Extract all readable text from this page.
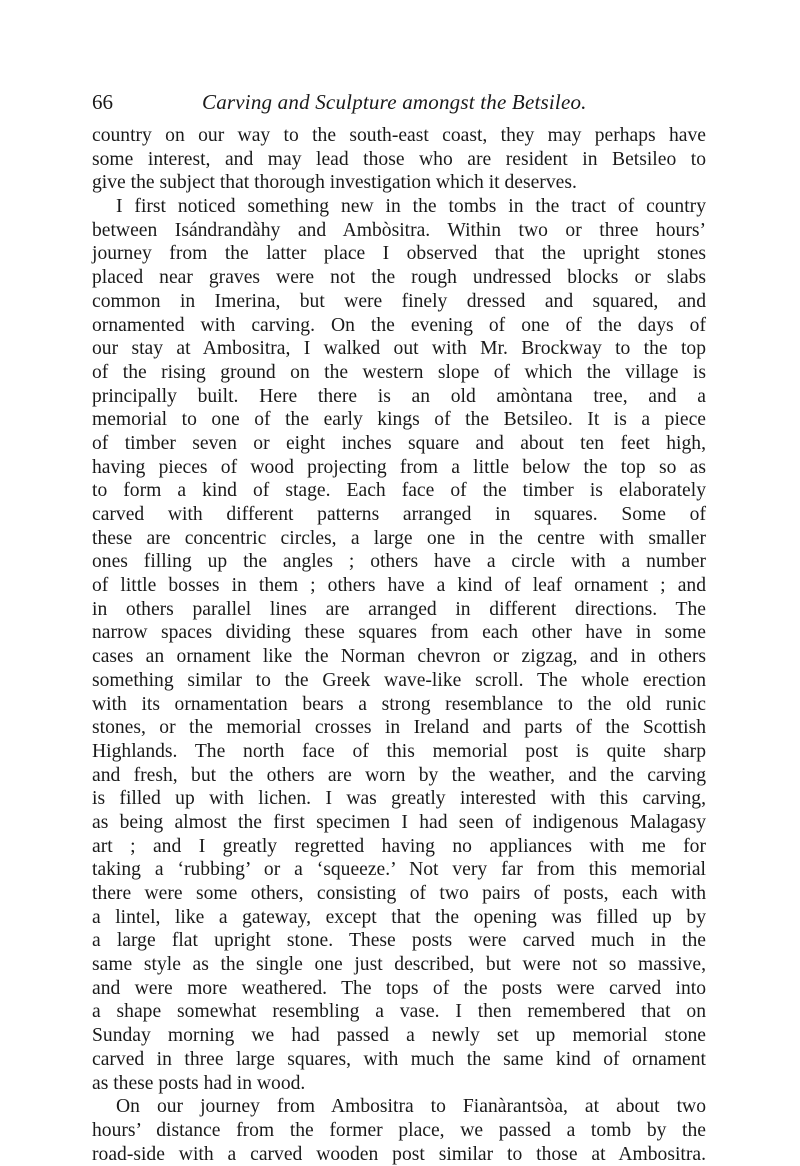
66	Carving and Sculpture amongst the Betsileo.
country on our way to the south-east coast, they may perhaps have
some interest, and may lead those who are resident in Betsileo to
give the subject that thorough investigation which it deserves.
I first noticed something new in the tombs in the tract of country
between Isándrandàhy and Ambòsitra. Within two or three hours’
journey from the latter place I observed that the upright stones
placed near graves were not the rough undressed blocks or slabs
common in Imerina, but were finely dressed and squared, and
ornamented with carving. On the evening of one of the days of
our stay at Ambositra, I walked out with Mr. Brockway to the top
of the rising ground on the western slope of which the village is
principally built. Here there is an old amòntana tree, and a
memorial to one of the early kings of the Betsileo. It is a piece
of timber seven or eight inches square and about ten feet high,
having pieces of wood projecting from a little below the top so as
to form a kind of stage. Each face of the timber is elaborately
carved with different patterns arranged in squares. Some of
these are concentric circles, a large one in the centre with smaller
ones filling up the angles ; others have a circle with a number
of little bosses in them ; others have a kind of leaf ornament ; and
in others parallel lines are arranged in different directions. The
narrow spaces dividing these squares from each other have in some
cases an ornament like the Norman chevron or zigzag, and in others
something similar to the Greek wave-like scroll. The whole erection
with its ornamentation bears a strong resemblance to the old runic
stones, or the memorial crosses in Ireland and parts of the Scottish
Highlands. The north face of this memorial post is quite sharp
and fresh, but the others are worn by the weather, and the carving
is filled up with lichen. I was greatly interested with this carving,
as being almost the first specimen I had seen of indigenous Malagasy
art ; and I greatly regretted having no appliances with me for
taking a ‘rubbing’ or a ‘squeeze.’ Not very far from this memorial
there were some others, consisting of two pairs of posts, each with
a lintel, like a gateway, except that the opening was filled up by
a large flat upright stone. These posts were carved much in the
same style as the single one just described, but were not so massive,
and were more weathered. The tops of the posts were carved into
a shape somewhat resembling a vase. I then remembered that on
Sunday morning we had passed a newly set up memorial stone
carved in three large squares, with much the same kind of ornament
as these posts had in wood.
On our journey from Ambositra to Fianàrantsòa, at about two
hours’ distance from the former place, we passed a tomb by the
road-side with a carved wooden post similar to those at Ambositra.
